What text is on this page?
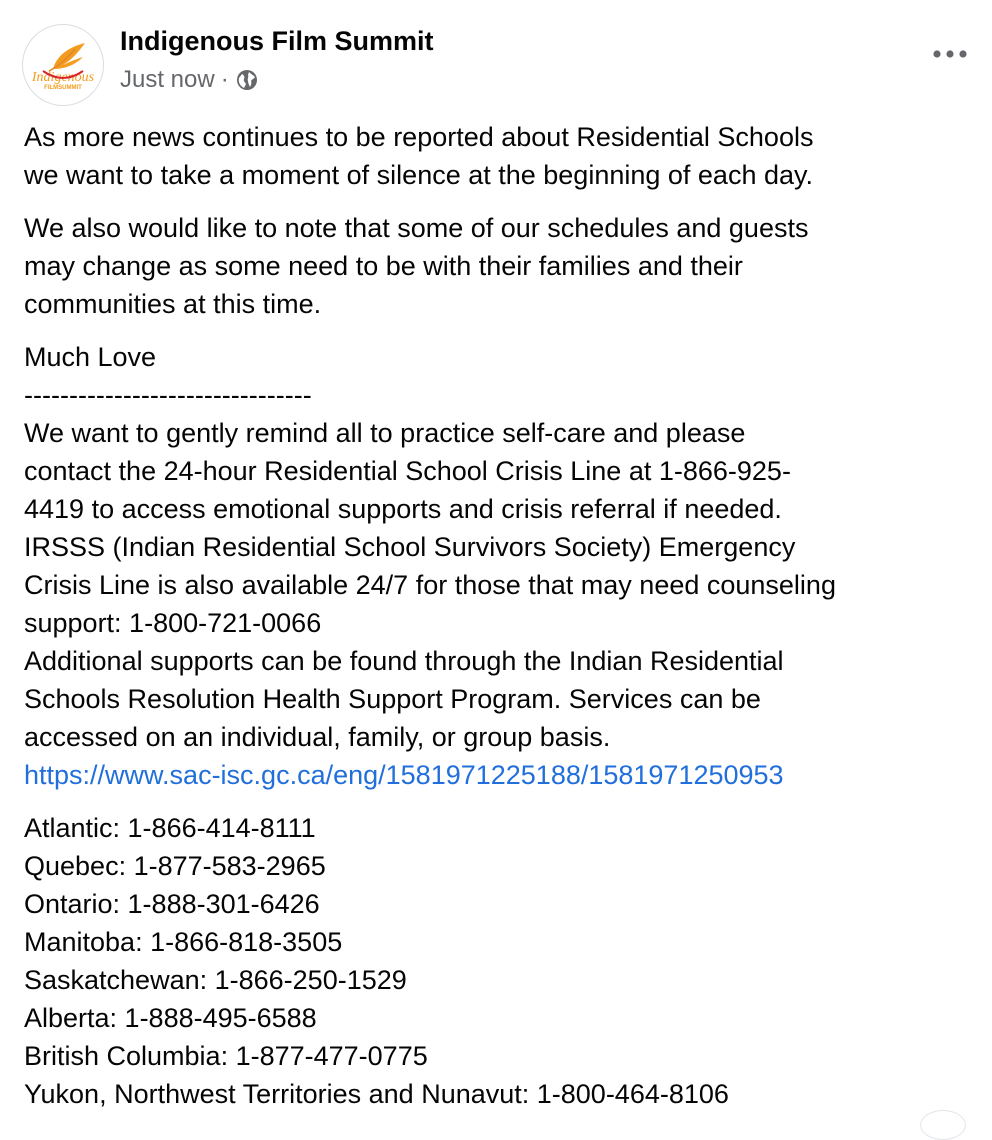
Indigenous
FILMSUMMIT
Indigenous Film Summit
Just now ·

As more news continues to be reported about Residential Schools
we want to take a moment of silence at the beginning of each day.

We also would like to note that some of our schedules and guests
may change as some need to be with their families and their
communities at this time.

Much Love
--------------------------------
We want to gently remind all to practice self-care and please
contact the 24-hour Residential School Crisis Line at 1-866-925-
4419 to access emotional supports and crisis referral if needed.
IRSSS (Indian Residential School Survivors Society) Emergency
Crisis Line is also available 24/7 for those that may need counseling
support: 1-800-721-0066
Additional supports can be found through the Indian Residential
Schools Resolution Health Support Program. Services can be
accessed on an individual, family, or group basis.
https://www.sac-isc.gc.ca/eng/1581971225188/1581971250953

Atlantic: 1-866-414-8111
Quebec: 1-877-583-2965
Ontario: 1-888-301-6426
Manitoba: 1-866-818-3505
Saskatchewan: 1-866-250-1529
Alberta: 1-888-495-6588
British Columbia: 1-877-477-0775
Yukon, Northwest Territories and Nunavut: 1-800-464-8106
